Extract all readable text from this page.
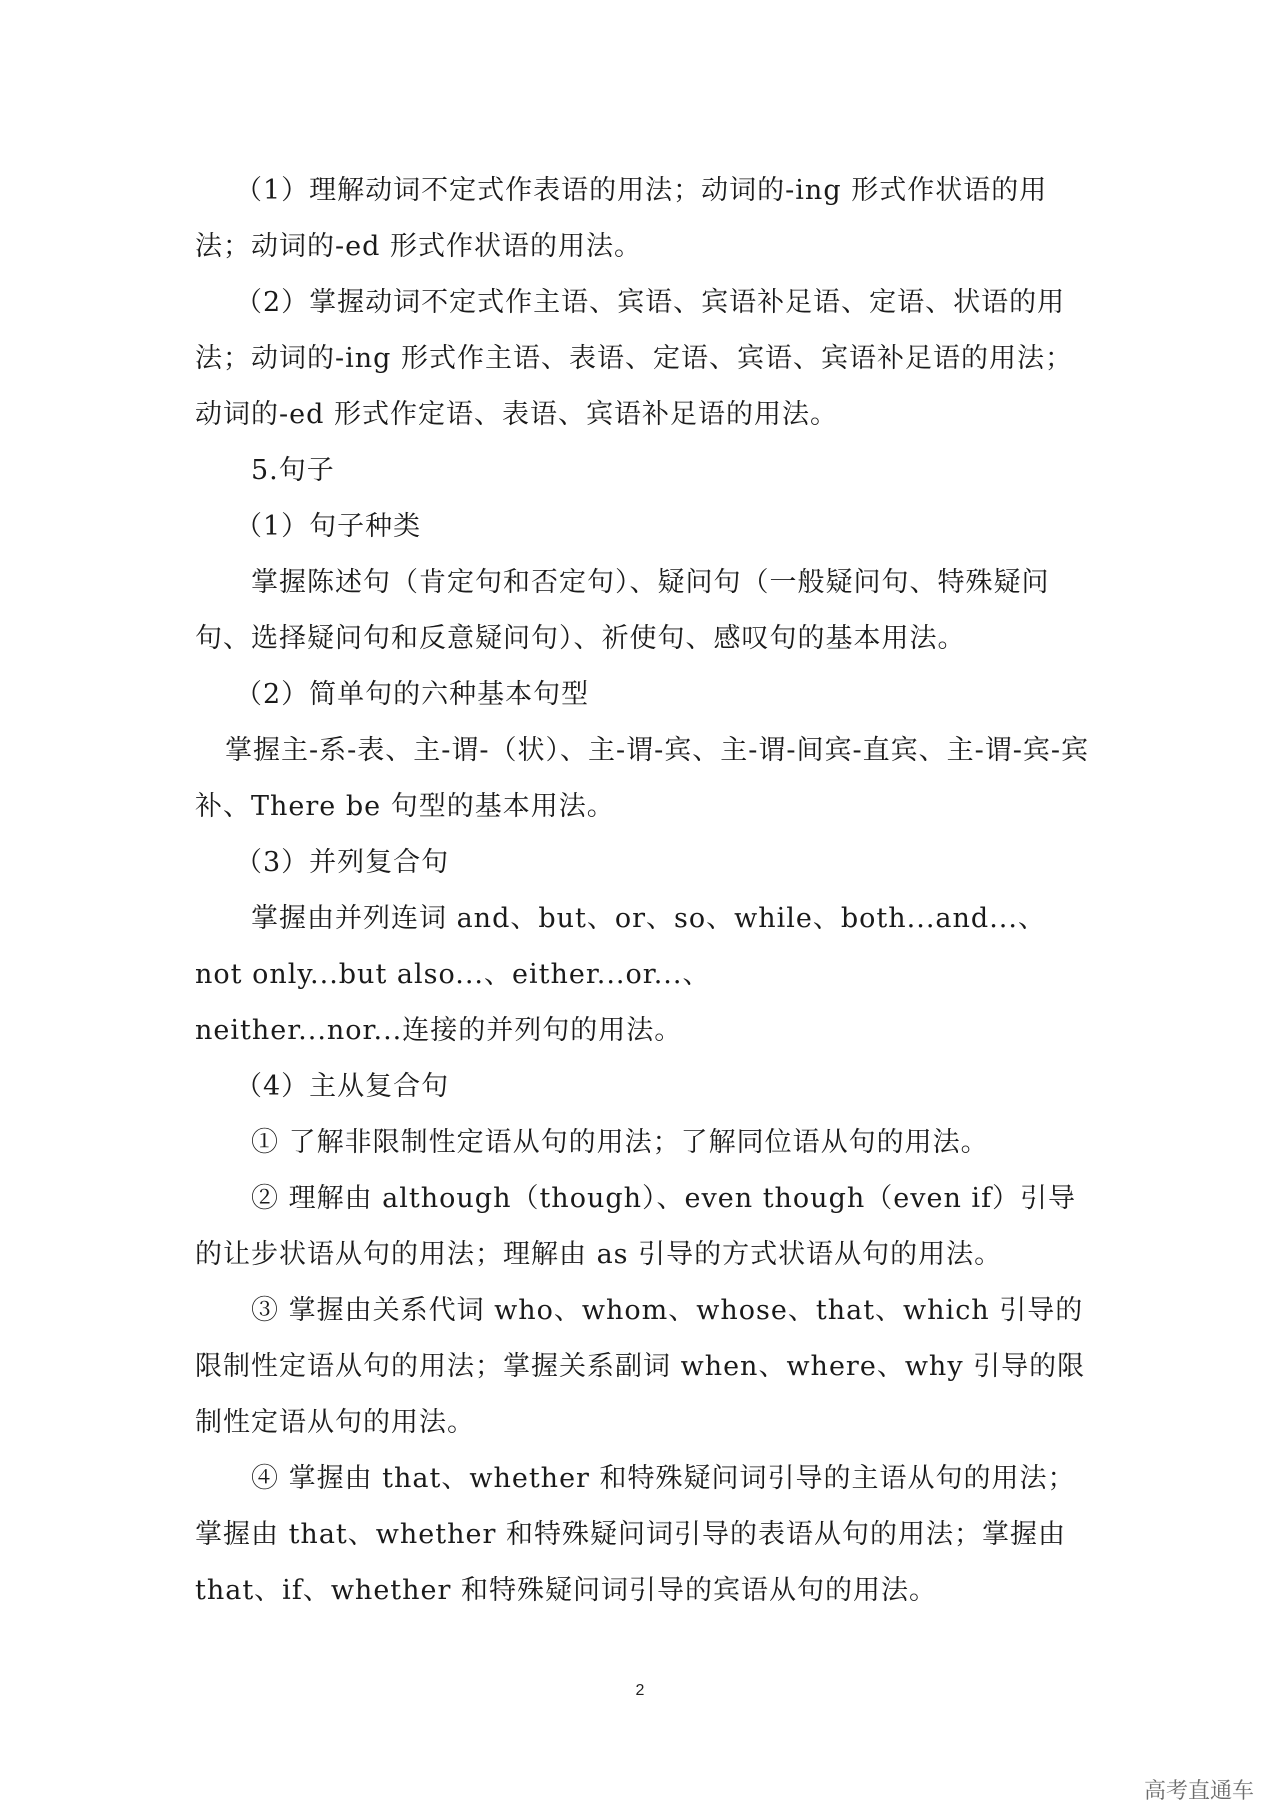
（1）理解动词不定式作表语的用法；动词的-ing 形式作状语的用法；动词的-ed 形式作状语的用法。

（2）掌握动词不定式作主语、宾语、宾语补足语、定语、状语的用法；动词的-ing 形式作主语、表语、定语、宾语、宾语补足语的用法；动词的-ed 形式作定语、表语、宾语补足语的用法。

5.句子

（1）句子种类

掌握陈述句（肯定句和否定句）、疑问句（一般疑问句、特殊疑问句、选择疑问句和反意疑问句）、祈使句、感叹句的基本用法。

（2）简单句的六种基本句型

掌握主-系-表、主-谓-（状）、主-谓-宾、主-谓-间宾-直宾、主-谓-宾-宾补、There be 句型的基本用法。

（3）并列复合句

掌握由并列连词 and、but、or、so、while、both...and...、

not only...but also...、either...or...、

neither...nor...连接的并列句的用法。

（4）主从复合句

① 了解非限制性定语从句的用法；了解同位语从句的用法。

② 理解由 although（though）、even though（even if）引导的让步状语从句的用法；理解由 as 引导的方式状语从句的用法。

③ 掌握由关系代词 who、whom、whose、that、which 引导的限制性定语从句的用法；掌握关系副词 when、where、why 引导的限制性定语从句的用法。

④ 掌握由 that、whether 和特殊疑问词引导的主语从句的用法；掌握由 that、whether 和特殊疑问词引导的表语从句的用法；掌握由 that、if、whether 和特殊疑问词引导的宾语从句的用法。

2
高考直通车
